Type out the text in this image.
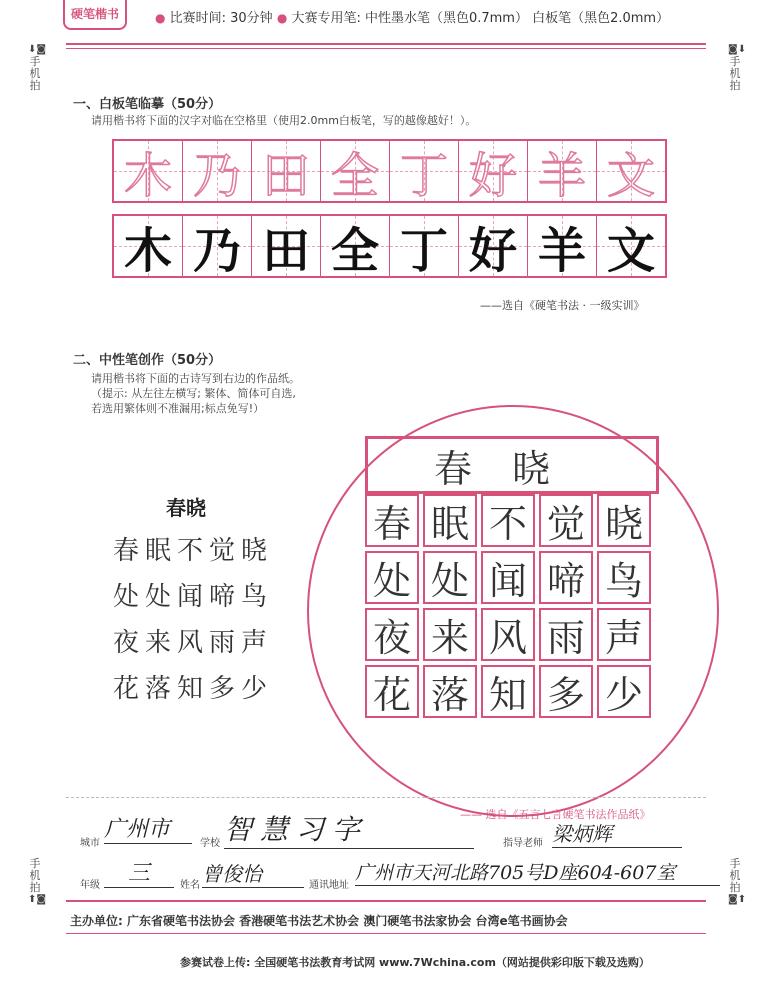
硬笔楷书	● 比赛时间: 30分钟 ● 大赛专用笔: 中性墨水笔（黑色0.7mm） 白板笔（黑色2.0mm）
⬇◙
手机拍
◙⬇
手机拍
手机拍
⬆◙
手机拍
◙⬆
一、白板笔临摹（50分）
请用楷书将下面的汉字对临在空格里（使用2.0mm白板笔，写的越像越好！）。
木 乃 田 全 丁 好 羊 文
木 乃 田 全 丁 好 羊 文
——选自《硬笔书法 · 一级实训》
二、中性笔创作（50分）
请用楷书将下面的古诗写到右边的作品纸。
（提示: 从左往左横写; 繁体、简体可自选,
若选用繁体则不准漏用;标点免写!）
春晓
春眠不觉晓
处处闻啼鸟
夜来风雨声
花落知多少
春晓
春 眠 不 觉 晓
处 处 闻 啼 鸟
夜 来 风 雨 声
花 落 知 多 少
—— 选自《五言七言硬笔书法作品纸》
城市
广州市
学校 智慧习字	指导老师 梁炳辉
年级	三	姓名 曾俊怡	通讯地址
广州市天河北路705号D座604-607室
主办单位: 广东省硬笔书法协会 香港硬笔书法艺术协会 澳门硬笔书法家协会 台湾e笔书画协会
参赛试卷上传: 全国硬笔书法教育考试网 www.7Wchina.com（网站提供彩印版下载及选购）
